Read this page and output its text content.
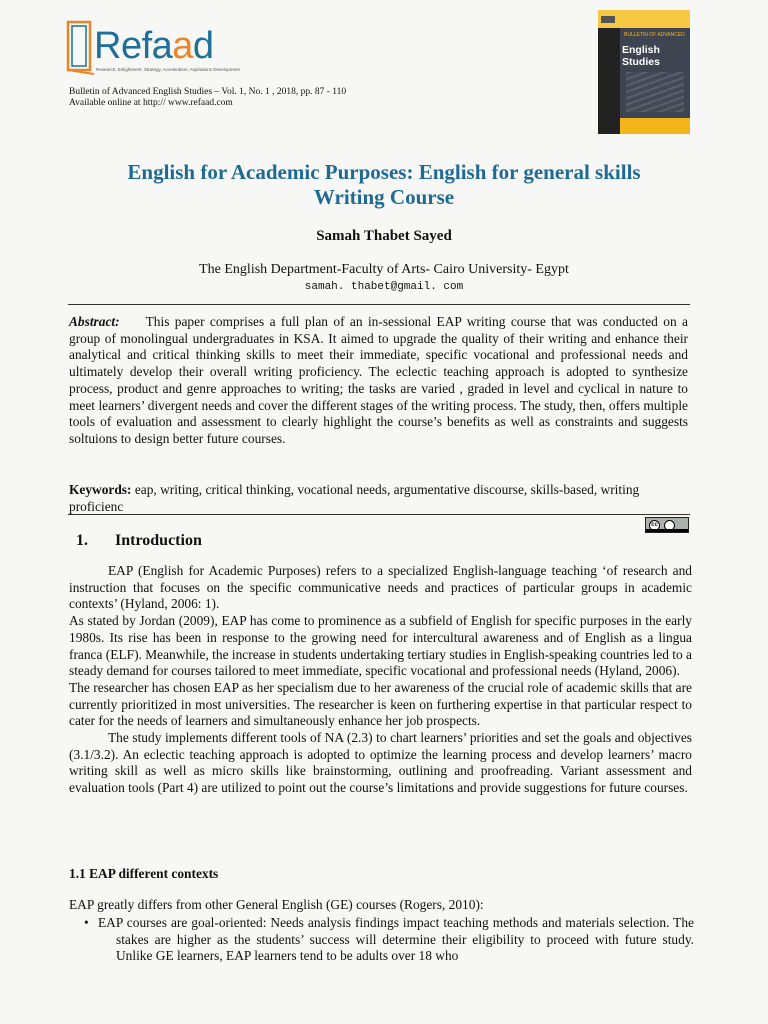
Refaad
Research, Enlightment, Strategy, Acceleration, Aspirations Development
BULLETIN OF ADVANCED
English Studies
Bulletin of Advanced English Studies – Vol. 1, No. 1 , 2018, pp. 87 - 110
Available online at http:// www.refaad.com
English for Academic Purposes: English for general skills
Writing Course
Samah Thabet Sayed
The English Department-Faculty of Arts- Cairo University- Egypt
samah. thabet@gmail. com

Abstract: This paper comprises a full plan of an in-sessional EAP writing course that was conducted on a group of monolingual undergraduates in KSA. It aimed to upgrade the quality of their writing and enhance their analytical and critical thinking skills to meet their immediate, specific vocational and professional needs and ultimately develop their overall writing proficiency. The eclectic teaching approach is adopted to synthesize process, product and genre approaches to writing; the tasks are varied , graded in level and cyclical in nature to meet learners’ divergent needs and cover the different stages of the writing process. The study, then, offers multiple tools of evaluation and assessment to clearly highlight the course’s benefits as well as constraints and suggests soltuions to design better future courses.

Keywords: eap, writing, critical thinking, vocational needs, argumentative discourse, skills-based, writing proficienc

cc
1. Introduction

EAP (English for Academic Purposes) refers to a specialized English-language teaching ‘of research and instruction that focuses on the specific communicative needs and practices of particular groups in academic contexts’ (Hyland, 2006: 1).

As stated by Jordan (2009), EAP has come to prominence as a subfield of English for specific purposes in the early 1980s. Its rise has been in response to the growing need for intercultural awareness and of English as a lingua franca (ELF). Meanwhile, the increase in students undertaking tertiary studies in English-speaking countries led to a steady demand for courses tailored to meet immediate, specific vocational and professional needs (Hyland, 2006).

The researcher has chosen EAP as her specialism due to her awareness of the crucial role of academic skills that are currently prioritized in most universities. The researcher is keen on furthering expertise in that particular respect to cater for the needs of learners and simultaneously enhance her job prospects.

The study implements different tools of NA (2.3) to chart learners’ priorities and set the goals and objectives (3.1/3.2). An eclectic teaching approach is adopted to optimize the learning process and develop learners’ macro writing skill as well as micro skills like brainstorming, outlining and proofreading. Variant assessment and evaluation tools (Part 4) are utilized to point out the course’s limitations and provide suggestions for future courses.

1.1 EAP different contexts

EAP greatly differs from other General English (GE) courses (Rogers, 2010):

• EAP courses are goal-oriented: Needs analysis findings impact teaching methods and materials selection. The stakes are higher as the students’ success will determine their eligibility to proceed with future study. Unlike GE learners, EAP learners tend to be adults over 18 who
